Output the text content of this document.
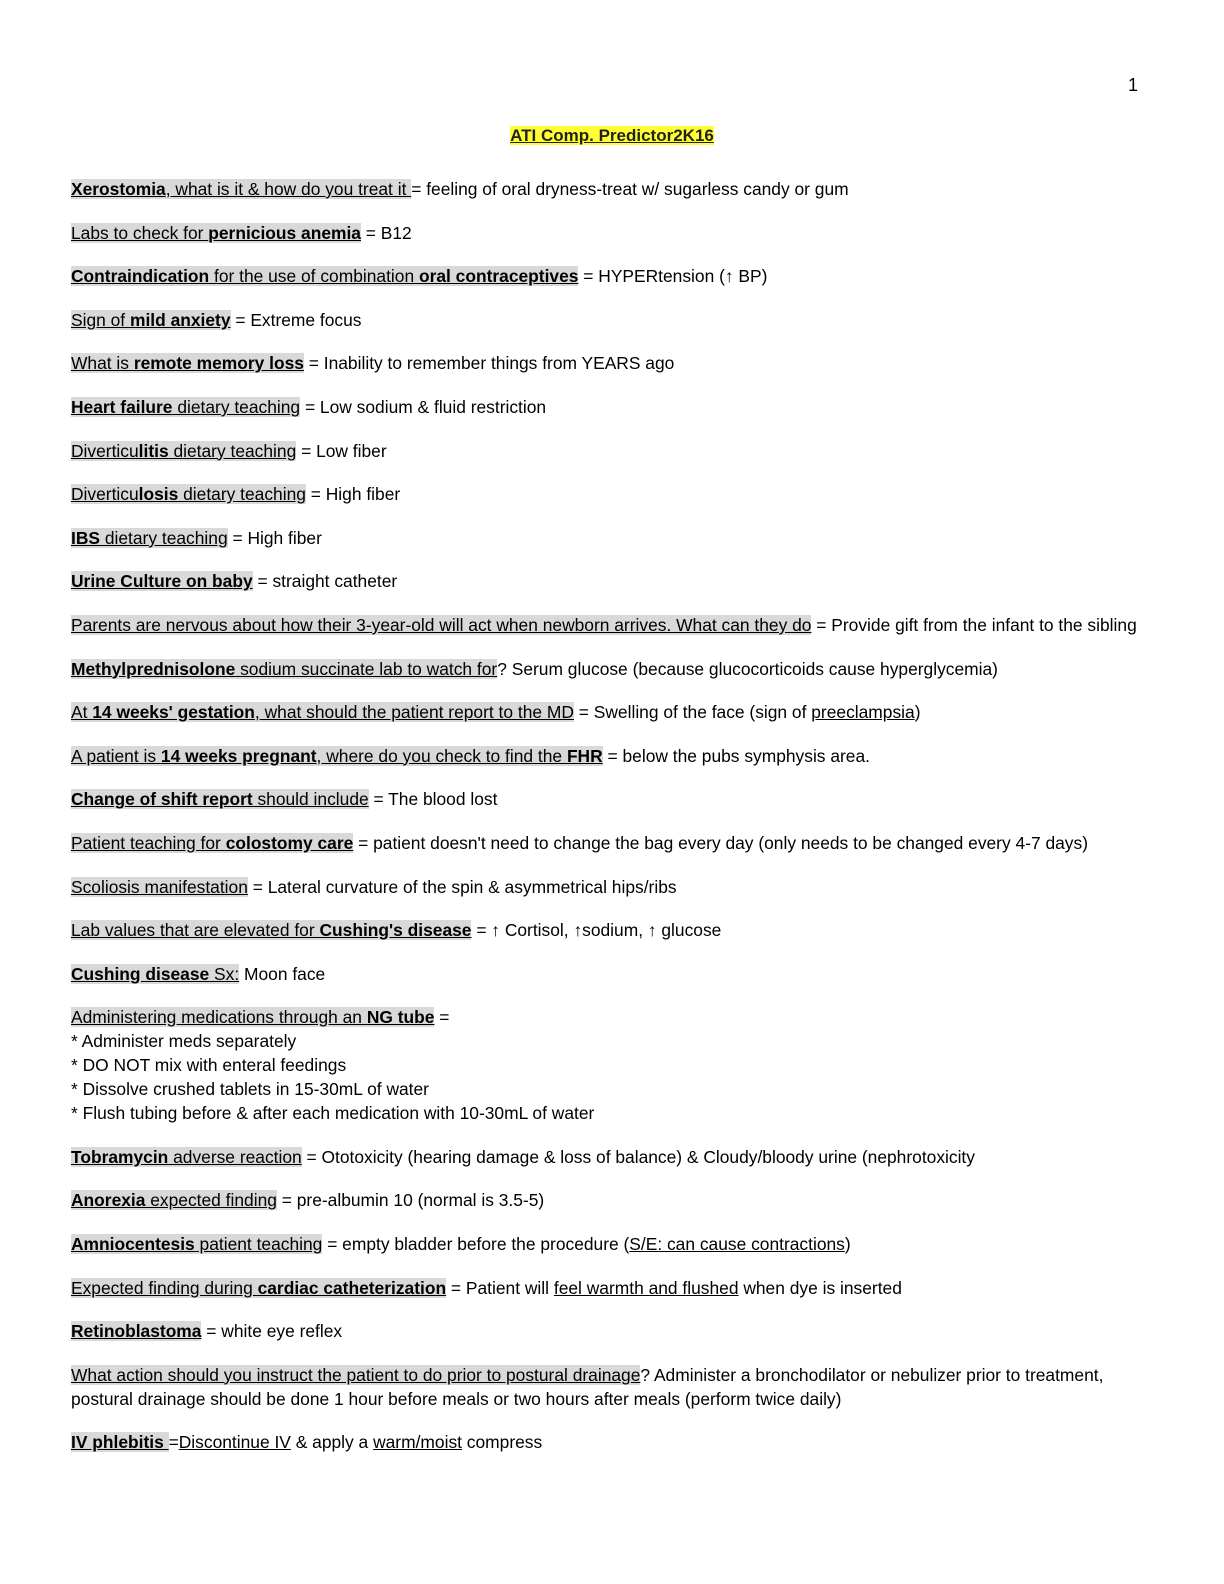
1
ATI Comp. Predictor2K16
Xerostomia, what is it & how do you treat it = feeling of oral dryness-treat w/ sugarless candy or gum
Labs to check for pernicious anemia = B12
Contraindication for the use of combination oral contraceptives = HYPERtension (↑ BP)
Sign of mild anxiety = Extreme focus
What is remote memory loss = Inability to remember things from YEARS ago
Heart failure dietary teaching = Low sodium & fluid restriction
Diverticulitis dietary teaching = Low fiber
Diverticulosis dietary teaching = High fiber
IBS dietary teaching = High fiber
Urine Culture on baby = straight catheter
Parents are nervous about how their 3-year-old will act when newborn arrives. What can they do = Provide gift from the infant to the sibling
Methylprednisolone sodium succinate lab to watch for? Serum glucose (because glucocorticoids cause hyperglycemia)
At 14 weeks' gestation, what should the patient report to the MD = Swelling of the face (sign of preeclampsia)
A patient is 14 weeks pregnant, where do you check to find the FHR = below the pubs symphysis area.
Change of shift report should include = The blood lost
Patient teaching for colostomy care = patient doesn't need to change the bag every day (only needs to be changed every 4-7 days)
Scoliosis manifestation = Lateral curvature of the spin & asymmetrical hips/ribs
Lab values that are elevated for Cushing's disease = ↑ Cortisol, ↑sodium, ↑ glucose
Cushing disease Sx: Moon face
Administering medications through an NG tube =
* Administer meds separately
* DO NOT mix with enteral feedings
* Dissolve crushed tablets in 15-30mL of water
* Flush tubing before & after each medication with 10-30mL of water
Tobramycin adverse reaction = Ototoxicity (hearing damage & loss of balance) & Cloudy/bloody urine (nephrotoxicity
Anorexia expected finding = pre-albumin 10 (normal is 3.5-5)
Amniocentesis patient teaching = empty bladder before the procedure (S/E: can cause contractions)
Expected finding during cardiac catheterization = Patient will feel warmth and flushed when dye is inserted
Retinoblastoma = white eye reflex
What action should you instruct the patient to do prior to postural drainage? Administer a bronchodilator or nebulizer prior to treatment, postural drainage should be done 1 hour before meals or two hours after meals (perform twice daily)
IV phlebitis =Discontinue IV & apply a warm/moist compress
